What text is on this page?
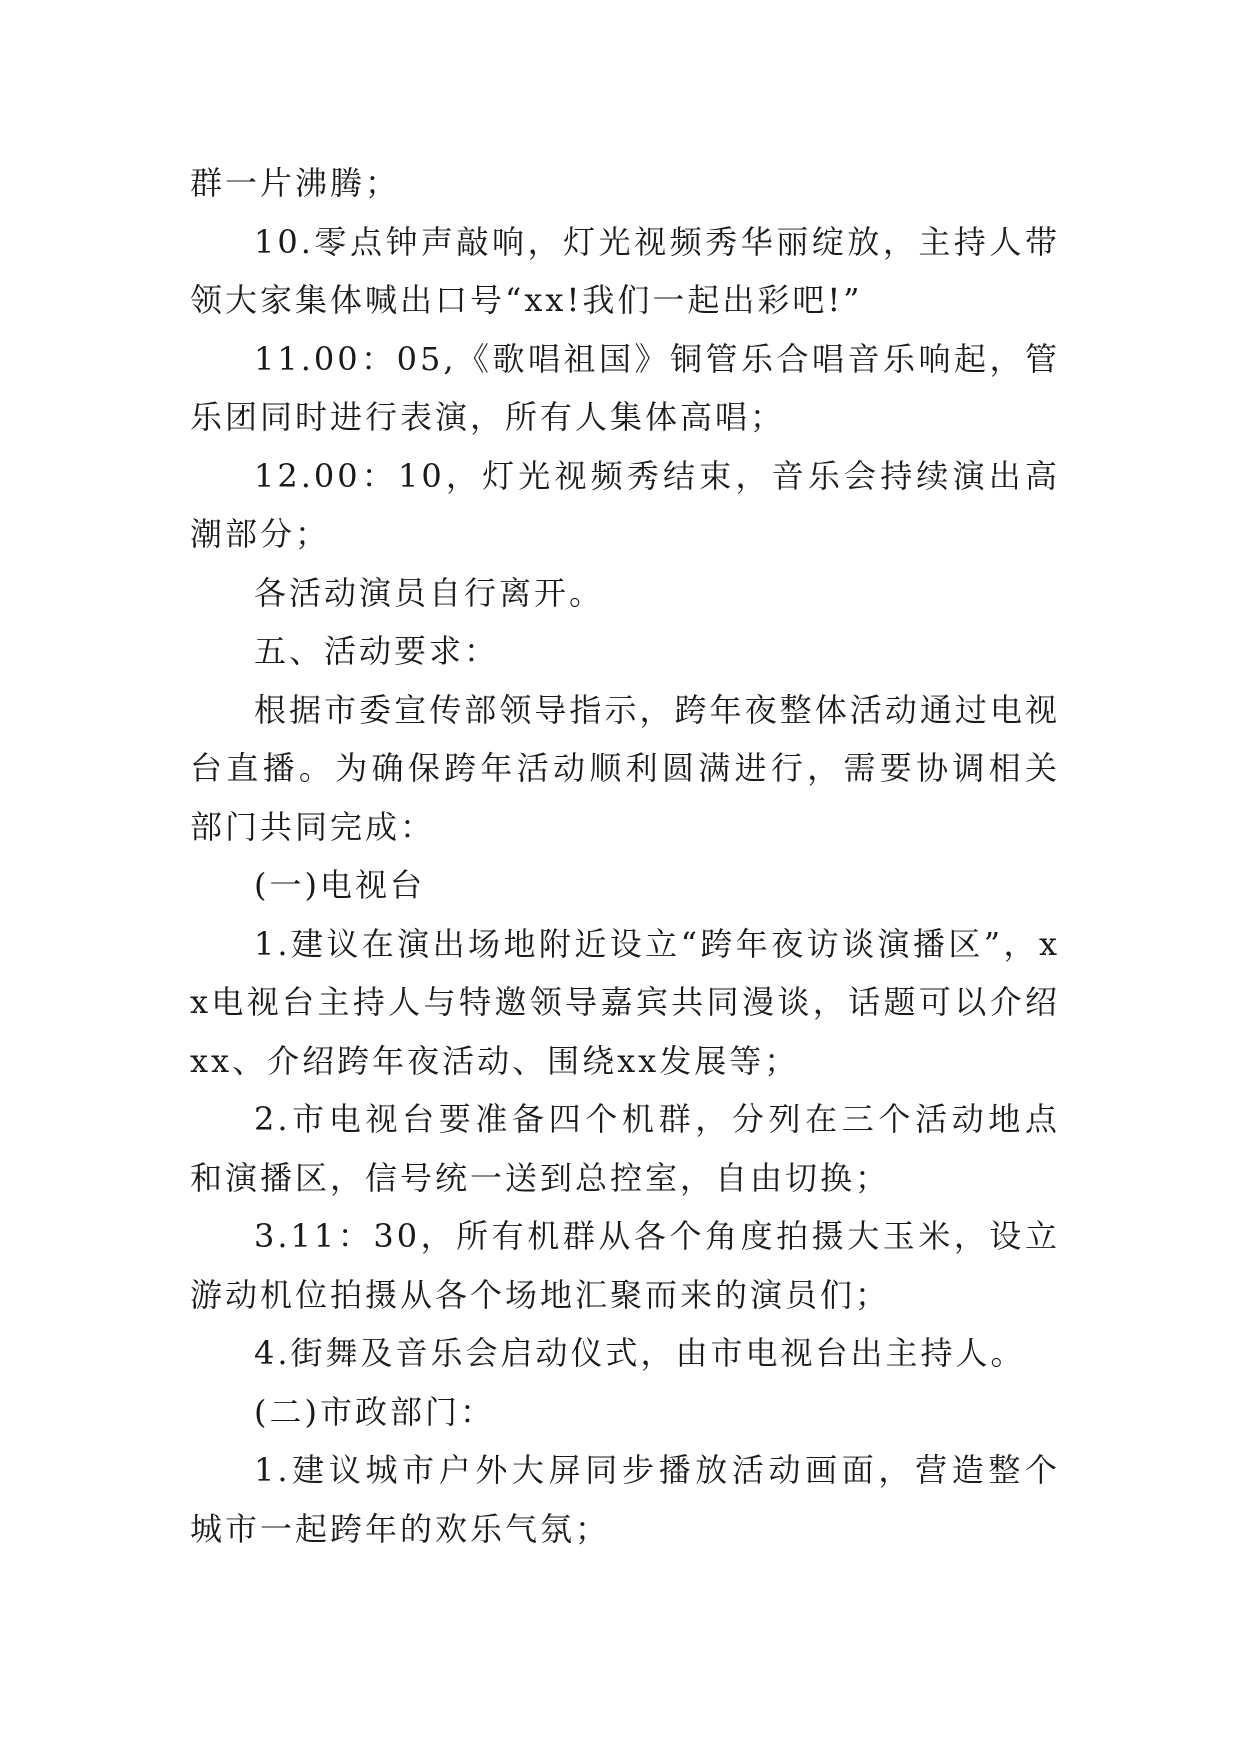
群一片沸腾；

10.零点钟声敲响，灯光视频秀华丽绽放，主持人带领大家集体喊出口号“xx!我们一起出彩吧!”

11.00：05,《歌唱祖国》铜管乐合唱音乐响起，管乐团同时进行表演，所有人集体高唱；

12.00：10，灯光视频秀结束，音乐会持续演出高潮部分；

各活动演员自行离开。

五、活动要求：

根据市委宣传部领导指示，跨年夜整体活动通过电视台直播。为确保跨年活动顺利圆满进行，需要协调相关部门共同完成：

(一)电视台

1.建议在演出场地附近设立“跨年夜访谈演播区”，xx电视台主持人与特邀领导嘉宾共同漫谈，话题可以介绍xx、介绍跨年夜活动、围绕xx发展等；

2.市电视台要准备四个机群，分列在三个活动地点和演播区，信号统一送到总控室，自由切换；

3.11：30，所有机群从各个角度拍摄大玉米，设立游动机位拍摄从各个场地汇聚而来的演员们；

4.街舞及音乐会启动仪式，由市电视台出主持人。

(二)市政部门：

1.建议城市户外大屏同步播放活动画面，营造整个城市一起跨年的欢乐气氛；
